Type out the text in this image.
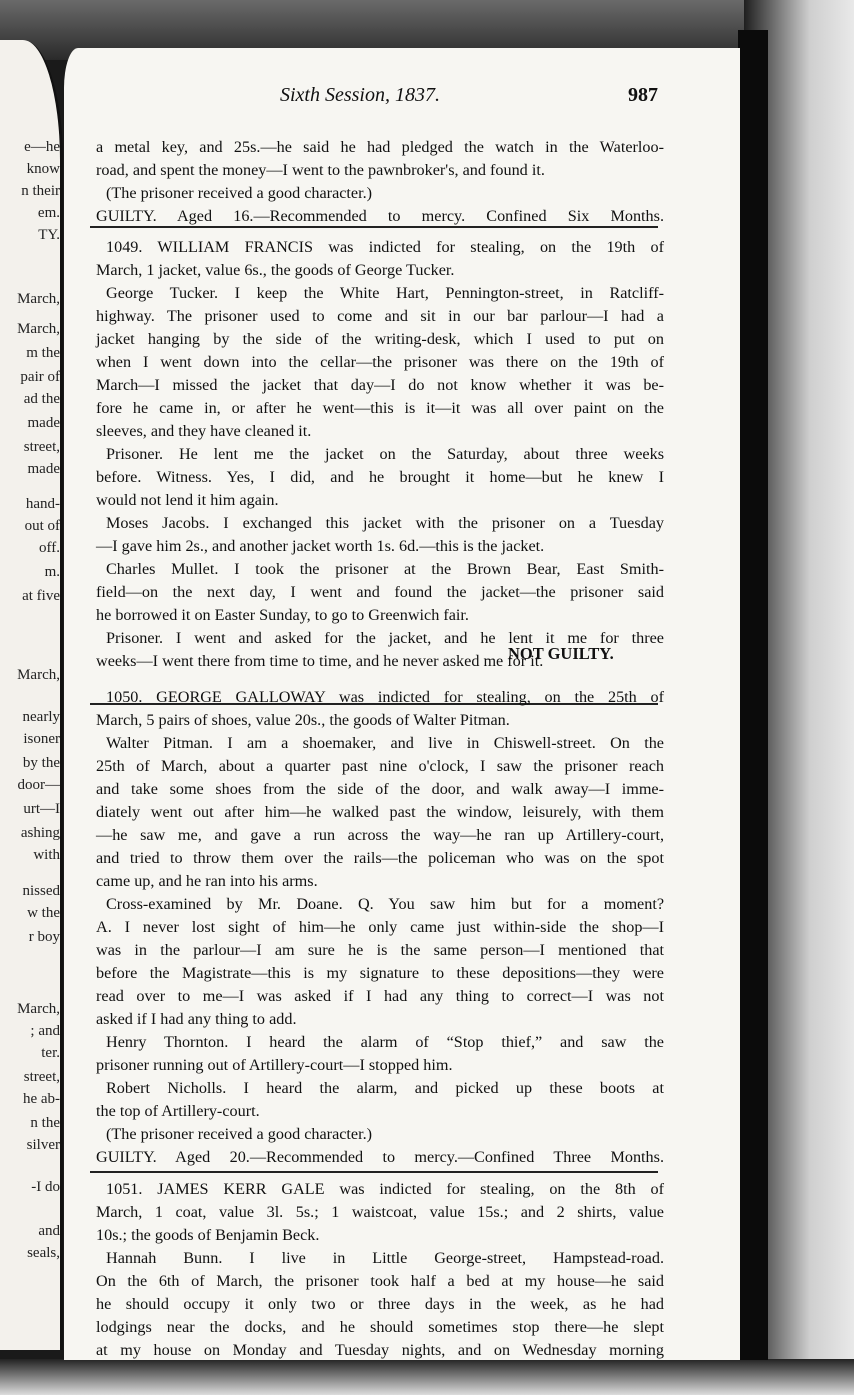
e—he
know
n their
em.
TY.
March,
March,
m the
pair of
ad the
made
street,
made
hand-
out of
off.
m.
at five
March,
nearly
isoner
by the
door—
urt—I
ashing
with
nissed
w the
r boy
March,
; and
ter.
street,
he ab-
n the
silver
-I do
and
seals,
Sixth Session, 1837.	987
NOT GUILTY.
a metal key, and 25s.—he said he had pledged the watch in the Waterloo-
road, and spent the money—I went to the pawnbroker's, and found it.
(The prisoner received a good character.)
GUILTY. Aged 16.—Recommended to mercy. Confined Six Months.
1049. WILLIAM FRANCIS was indicted for stealing, on the 19th of
March, 1 jacket, value 6s., the goods of George Tucker.
George Tucker. I keep the White Hart, Pennington-street, in Ratcliff-
highway. The prisoner used to come and sit in our bar parlour—I had a
jacket hanging by the side of the writing-desk, which I used to put on
when I went down into the cellar—the prisoner was there on the 19th of
March—I missed the jacket that day—I do not know whether it was be-
fore he came in, or after he went—this is it—it was all over paint on the
sleeves, and they have cleaned it.
Prisoner. He lent me the jacket on the Saturday, about three weeks
before. Witness. Yes, I did, and he brought it home—but he knew I
would not lend it him again.
Moses Jacobs. I exchanged this jacket with the prisoner on a Tuesday
—I gave him 2s., and another jacket worth 1s. 6d.—this is the jacket.
Charles Mullet. I took the prisoner at the Brown Bear, East Smith-
field—on the next day, I went and found the jacket—the prisoner said
he borrowed it on Easter Sunday, to go to Greenwich fair.
Prisoner. I went and asked for the jacket, and he lent it me for three
weeks—I went there from time to time, and he never asked me for it.
1050. GEORGE GALLOWAY was indicted for stealing, on the 25th of
March, 5 pairs of shoes, value 20s., the goods of Walter Pitman.
Walter Pitman. I am a shoemaker, and live in Chiswell-street. On the
25th of March, about a quarter past nine o'clock, I saw the prisoner reach
and take some shoes from the side of the door, and walk away—I imme-
diately went out after him—he walked past the window, leisurely, with them
—he saw me, and gave a run across the way—he ran up Artillery-court,
and tried to throw them over the rails—the policeman who was on the spot
came up, and he ran into his arms.
Cross-examined by Mr. Doane. Q. You saw him but for a moment?
A. I never lost sight of him—he only came just within-side the shop—I
was in the parlour—I am sure he is the same person—I mentioned that
before the Magistrate—this is my signature to these depositions—they were
read over to me—I was asked if I had any thing to correct—I was not
asked if I had any thing to add.
Henry Thornton. I heard the alarm of “Stop thief,” and saw the
prisoner running out of Artillery-court—I stopped him.
Robert Nicholls. I heard the alarm, and picked up these boots at
the top of Artillery-court.
(The prisoner received a good character.)
GUILTY. Aged 20.—Recommended to mercy.—Confined Three Months.
1051. JAMES KERR GALE was indicted for stealing, on the 8th of
March, 1 coat, value 3l. 5s.; 1 waistcoat, value 15s.; and 2 shirts, value
10s.; the goods of Benjamin Beck.
Hannah Bunn. I live in Little George-street, Hampstead-road.
On the 6th of March, the prisoner took half a bed at my house—he said
he should occupy it only two or three days in the week, as he had
lodgings near the docks, and he should sometimes stop there—he slept
at my house on Monday and Tuesday nights, and on Wednesday morning
